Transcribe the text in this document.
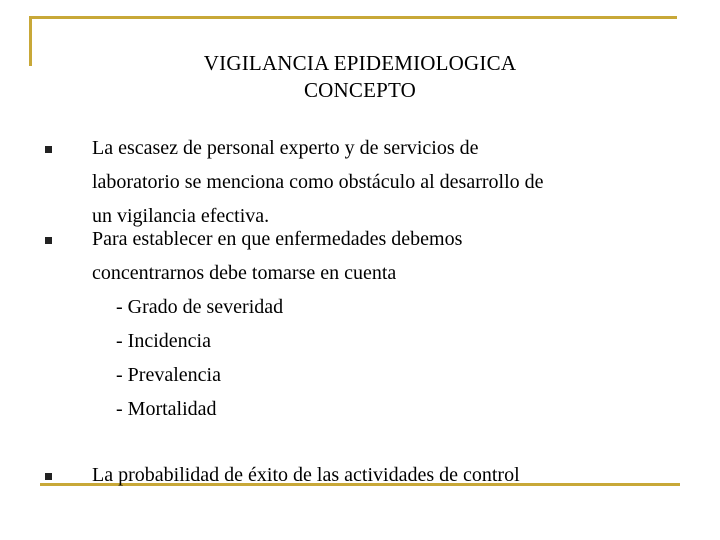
VIGILANCIA EPIDEMIOLOGICA
CONCEPTO
La escasez de personal experto y de servicios de
laboratorio se menciona como obstáculo al desarrollo de
un vigilancia efectiva.
Para establecer en que enfermedades debemos
concentrarnos debe tomarse en cuenta
- Grado de severidad
- Incidencia
- Prevalencia
- Mortalidad
La probabilidad de éxito de las actividades de control
